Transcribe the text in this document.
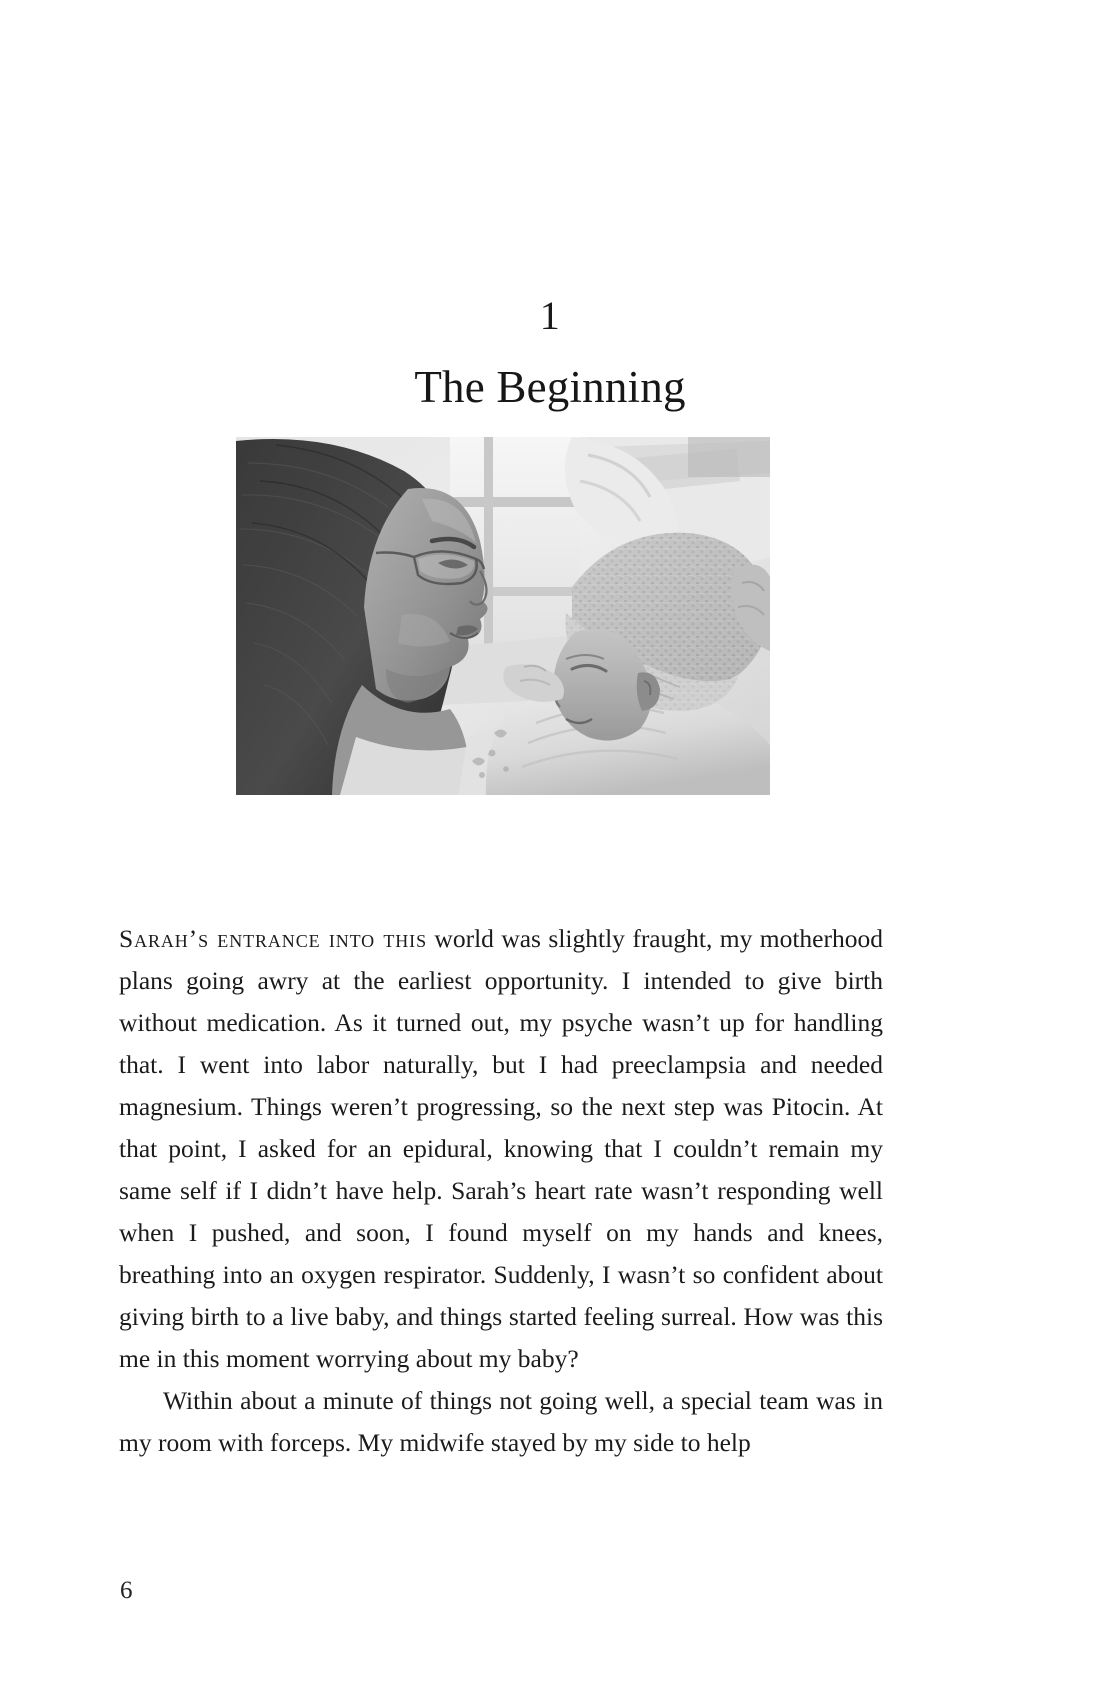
1
The Beginning

Sarah’s entrance into this world was slightly fraught, my motherhood plans going awry at the earliest opportunity. I intended to give birth without medication. As it turned out, my psyche wasn’t up for handling that. I went into labor naturally, but I had preeclampsia and needed magnesium. Things weren’t progressing, so the next step was Pitocin. At that point, I asked for an epidural, knowing that I couldn’t remain my same self if I didn’t have help. Sarah’s heart rate wasn’t responding well when I pushed, and soon, I found myself on my hands and knees, breathing into an oxygen respirator. Suddenly, I wasn’t so confident about giving birth to a live baby, and things started feeling surreal. How was this me in this moment worrying about my baby?

Within about a minute of things not going well, a special team was in my room with forceps. My midwife stayed by my side to help

6
